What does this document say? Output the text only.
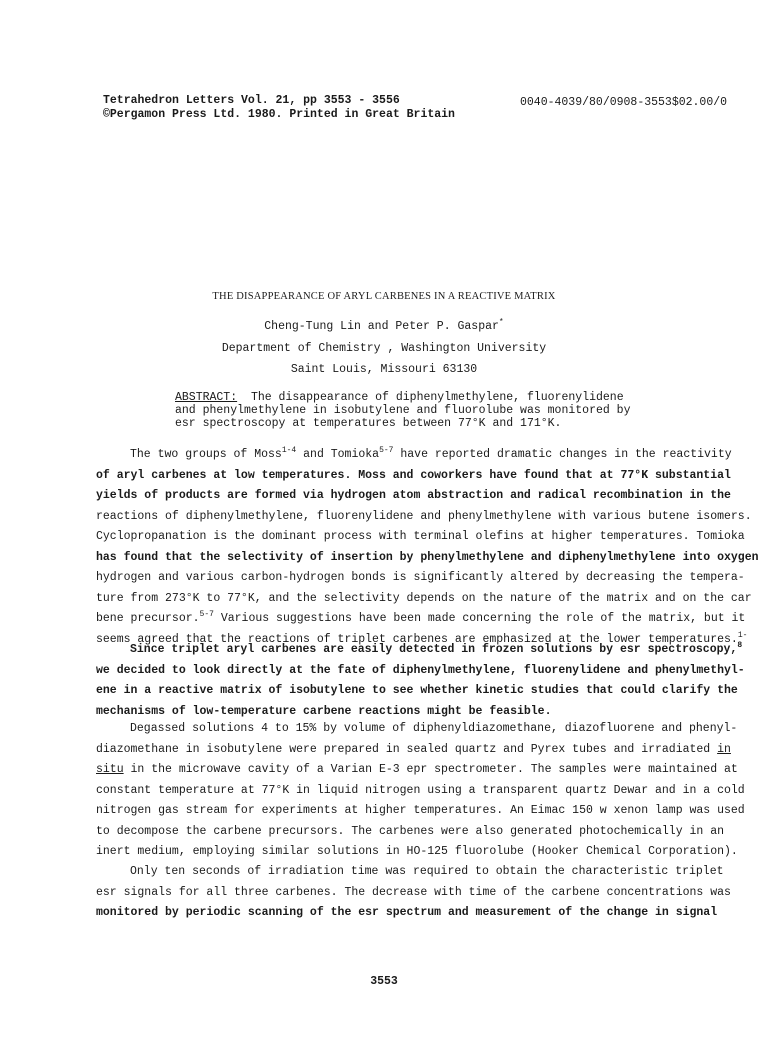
Tetrahedron Letters Vol. 21, pp 3553 - 3556
©Pergamon Press Ltd. 1980. Printed in Great Britain
0040-4039/80/0908-3553$02.00/0
THE DISAPPEARANCE OF ARYL CARBENES IN A REACTIVE MATRIX
Cheng-Tung Lin and Peter P. Gaspar*
Department of Chemistry , Washington University
Saint Louis, Missouri 63130
ABSTRACT: The disappearance of diphenylmethylene, fluorenylidene and phenylmethylene in isobutylene and fluorolube was monitored by esr spectroscopy at temperatures between 77°K and 171°K.
The two groups of Moss$^{1-4}$ and Tomioka$^{5-7}$ have reported dramatic changes in the reactivity
of aryl carbenes at low temperatures. Moss and coworkers have found that at 77°K substantial
yields of products are formed via hydrogen atom abstraction and radical recombination in the
reactions of diphenylmethylene, fluorenylidene and phenylmethylene with various butene isomers.
Cyclopropanation is the dominant process with terminal olefins at higher temperatures. Tomioka
has found that the selectivity of insertion by phenylmethylene and diphenylmethylene into oxygen
hydrogen and various carbon-hydrogen bonds is significantly altered by decreasing the tempera-
ture from 273°K to 77°K, and the selectivity depends on the nature of the matrix and on the car
bene precursor.$^{5-7}$ Various suggestions have been made concerning the role of the matrix, but it
seems agreed that the reactions of triplet carbenes are emphasized at the lower temperatures.$^{1-}$
Since triplet aryl carbenes are easily detected in frozen solutions by esr spectroscopy,$^8$
we decided to look directly at the fate of diphenylmethylene, fluorenylidene and phenylmethyl-
ene in a reactive matrix of isobutylene to see whether kinetic studies that could clarify the
mechanisms of low-temperature carbene reactions might be feasible.
Degassed solutions 4 to 15% by volume of diphenyldiazomethane, diazofluorene and phenyl-
diazomethane in isobutylene were prepared in sealed quartz and Pyrex tubes and irradiated in
situ in the microwave cavity of a Varian E-3 epr spectrometer. The samples were maintained at
constant temperature at 77°K in liquid nitrogen using a transparent quartz Dewar and in a cold
nitrogen gas stream for experiments at higher temperatures. An Eimac 150 w xenon lamp was used
to decompose the carbene precursors. The carbenes were also generated photochemically in an
inert medium, employing similar solutions in HO-125 fluorolube (Hooker Chemical Corporation).
Only ten seconds of irradiation time was required to obtain the characteristic triplet
esr signals for all three carbenes. The decrease with time of the carbene concentrations was
monitored by periodic scanning of the esr spectrum and measurement of the change in signal
3553
